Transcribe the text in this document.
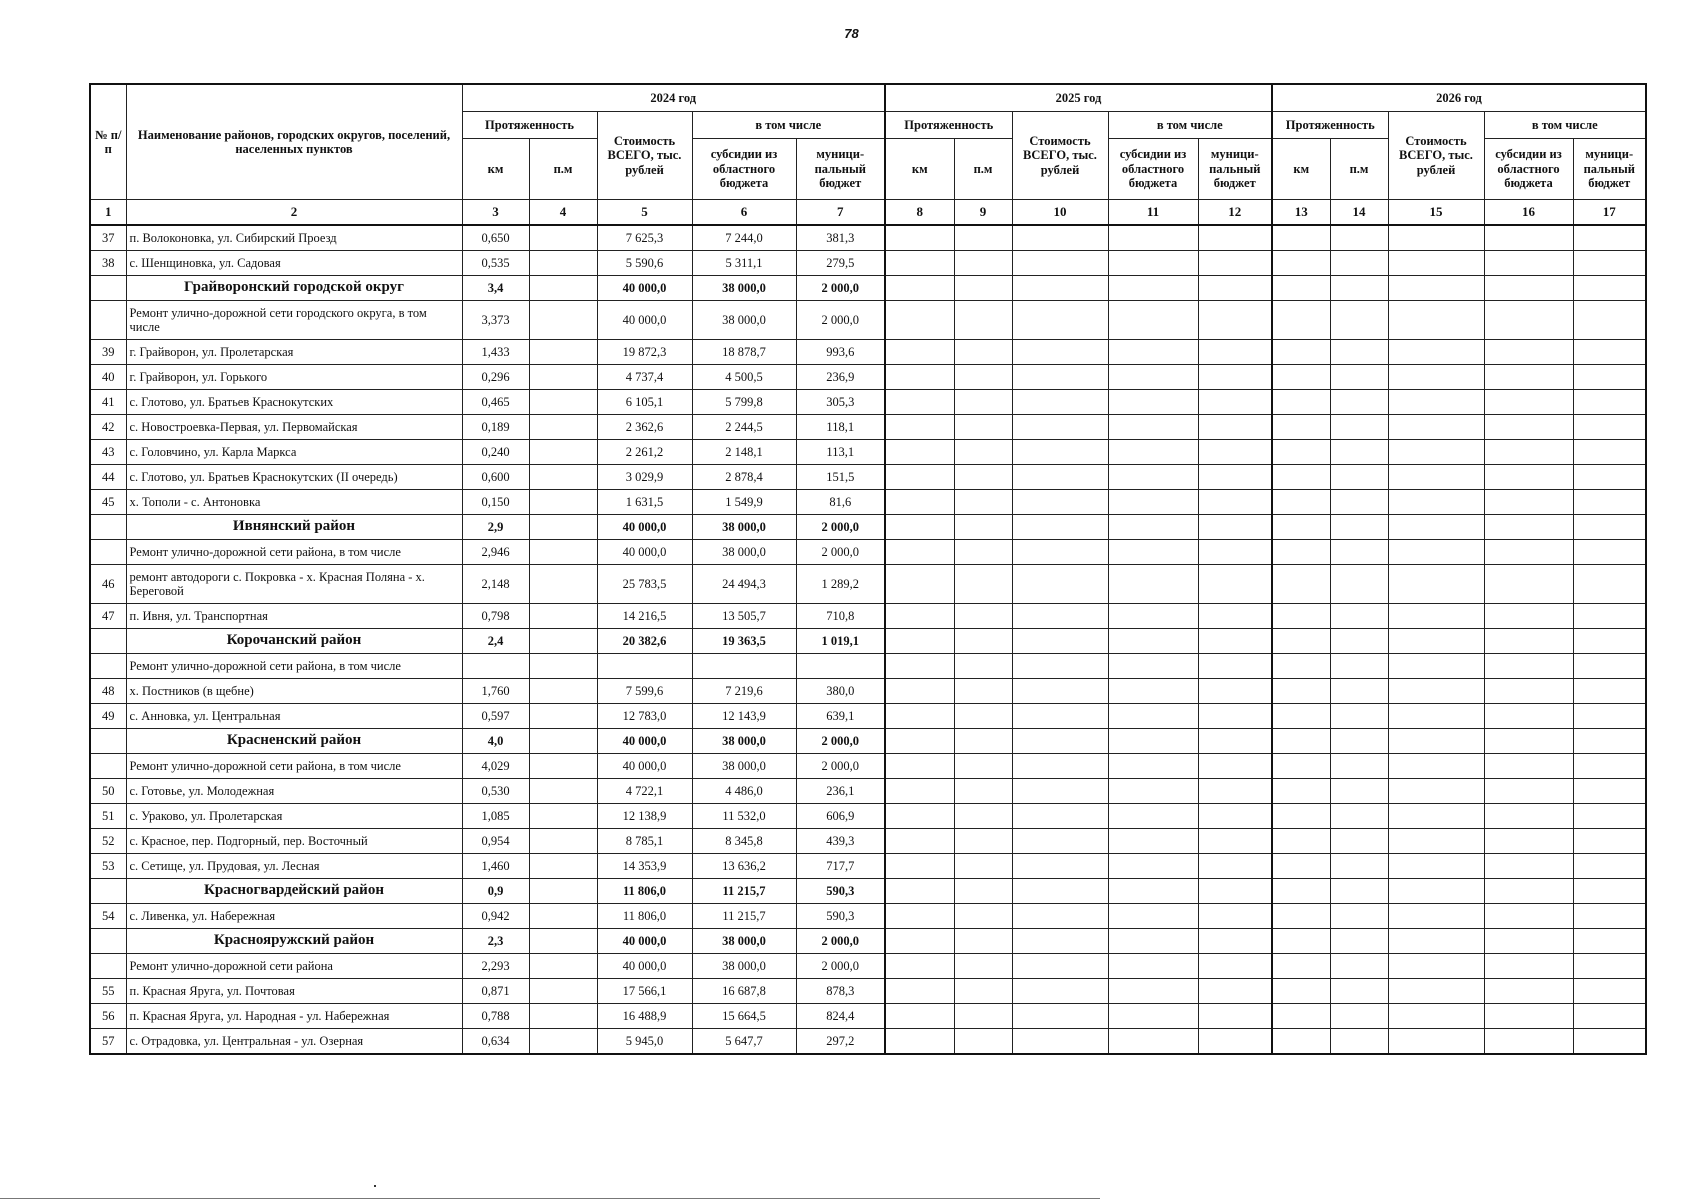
78
№ п/п	Наименование районов, городских округов, поселений, населенных пунктов	2024 год					2025 год					2026 год				
		Протяженность		Стоимость ВСЕГО, тыс. рублей	в том числе		Протяженность		Стоимость ВСЕГО, тыс. рублей	в том числе		Протяженность		Стоимость ВСЕГО, тыс. рублей	в том числе	
		км	п.м		субсидии из областного бюджета	муници-пальный бюджет	км	п.м		субсидии из областного бюджета	муници-пальный бюджет	км	п.м		субсидии из областного бюджета	муници-пальный бюджет
1	2	3	4	5	6	7	8	9	10	11	12	13	14	15	16	17
37	п. Волоконовка, ул. Сибирский Проезд	0,650		7 625,3	7 244,0	381,3										
38	с. Шенщиновка, ул. Садовая	0,535		5 590,6	5 311,1	279,5										
	Грайворонский городской округ	3,4		40 000,0	38 000,0	2 000,0										
	Ремонт улично-дорожной сети городского округа, в том числе	3,373		40 000,0	38 000,0	2 000,0										
39	г. Грайворон, ул. Пролетарская	1,433		19 872,3	18 878,7	993,6										
40	г. Грайворон, ул. Горького	0,296		4 737,4	4 500,5	236,9										
41	с. Глотово, ул. Братьев Краснокутских	0,465		6 105,1	5 799,8	305,3										
42	с. Новостроевка-Первая, ул. Первомайская	0,189		2 362,6	2 244,5	118,1										
43	с. Головчино, ул. Карла Маркса	0,240		2 261,2	2 148,1	113,1										
44	с. Глотово, ул. Братьев Краснокутских (II очередь)	0,600		3 029,9	2 878,4	151,5										
45	х. Тополи - с. Антоновка	0,150		1 631,5	1 549,9	81,6										
	Ивнянский район	2,9		40 000,0	38 000,0	2 000,0										
	Ремонт улично-дорожной сети района, в том числе	2,946		40 000,0	38 000,0	2 000,0										
46	ремонт автодороги с. Покровка - х. Красная Поляна - х. Береговой	2,148		25 783,5	24 494,3	1 289,2										
47	п. Ивня, ул. Транспортная	0,798		14 216,5	13 505,7	710,8										
	Корочанский район	2,4		20 382,6	19 363,5	1 019,1										
	Ремонт улично-дорожной сети района, в том числе															
48	х. Постников (в щебне)	1,760		7 599,6	7 219,6	380,0										
49	с. Анновка, ул. Центральная	0,597		12 783,0	12 143,9	639,1										
	Красненский район	4,0		40 000,0	38 000,0	2 000,0										
	Ремонт улично-дорожной сети района, в том числе	4,029		40 000,0	38 000,0	2 000,0										
50	с. Готовье, ул. Молодежная	0,530		4 722,1	4 486,0	236,1										
51	с. Ураково, ул. Пролетарская	1,085		12 138,9	11 532,0	606,9										
52	с. Красное, пер. Подгорный, пер. Восточный	0,954		8 785,1	8 345,8	439,3										
53	с. Сетище, ул. Прудовая, ул. Лесная	1,460		14 353,9	13 636,2	717,7										
	Красногвардейский район	0,9		11 806,0	11 215,7	590,3										
54	с. Ливенка, ул. Набережная	0,942		11 806,0	11 215,7	590,3										
	Краснояружский район	2,3		40 000,0	38 000,0	2 000,0										
	Ремонт улично-дорожной сети района	2,293		40 000,0	38 000,0	2 000,0										
55	п. Красная Яруга, ул. Почтовая	0,871		17 566,1	16 687,8	878,3										
56	п. Красная Яруга, ул. Народная - ул. Набережная	0,788		16 488,9	15 664,5	824,4										
57	с. Отрадовка, ул. Центральная - ул. Озерная	0,634		5 945,0	5 647,7	297,2										
